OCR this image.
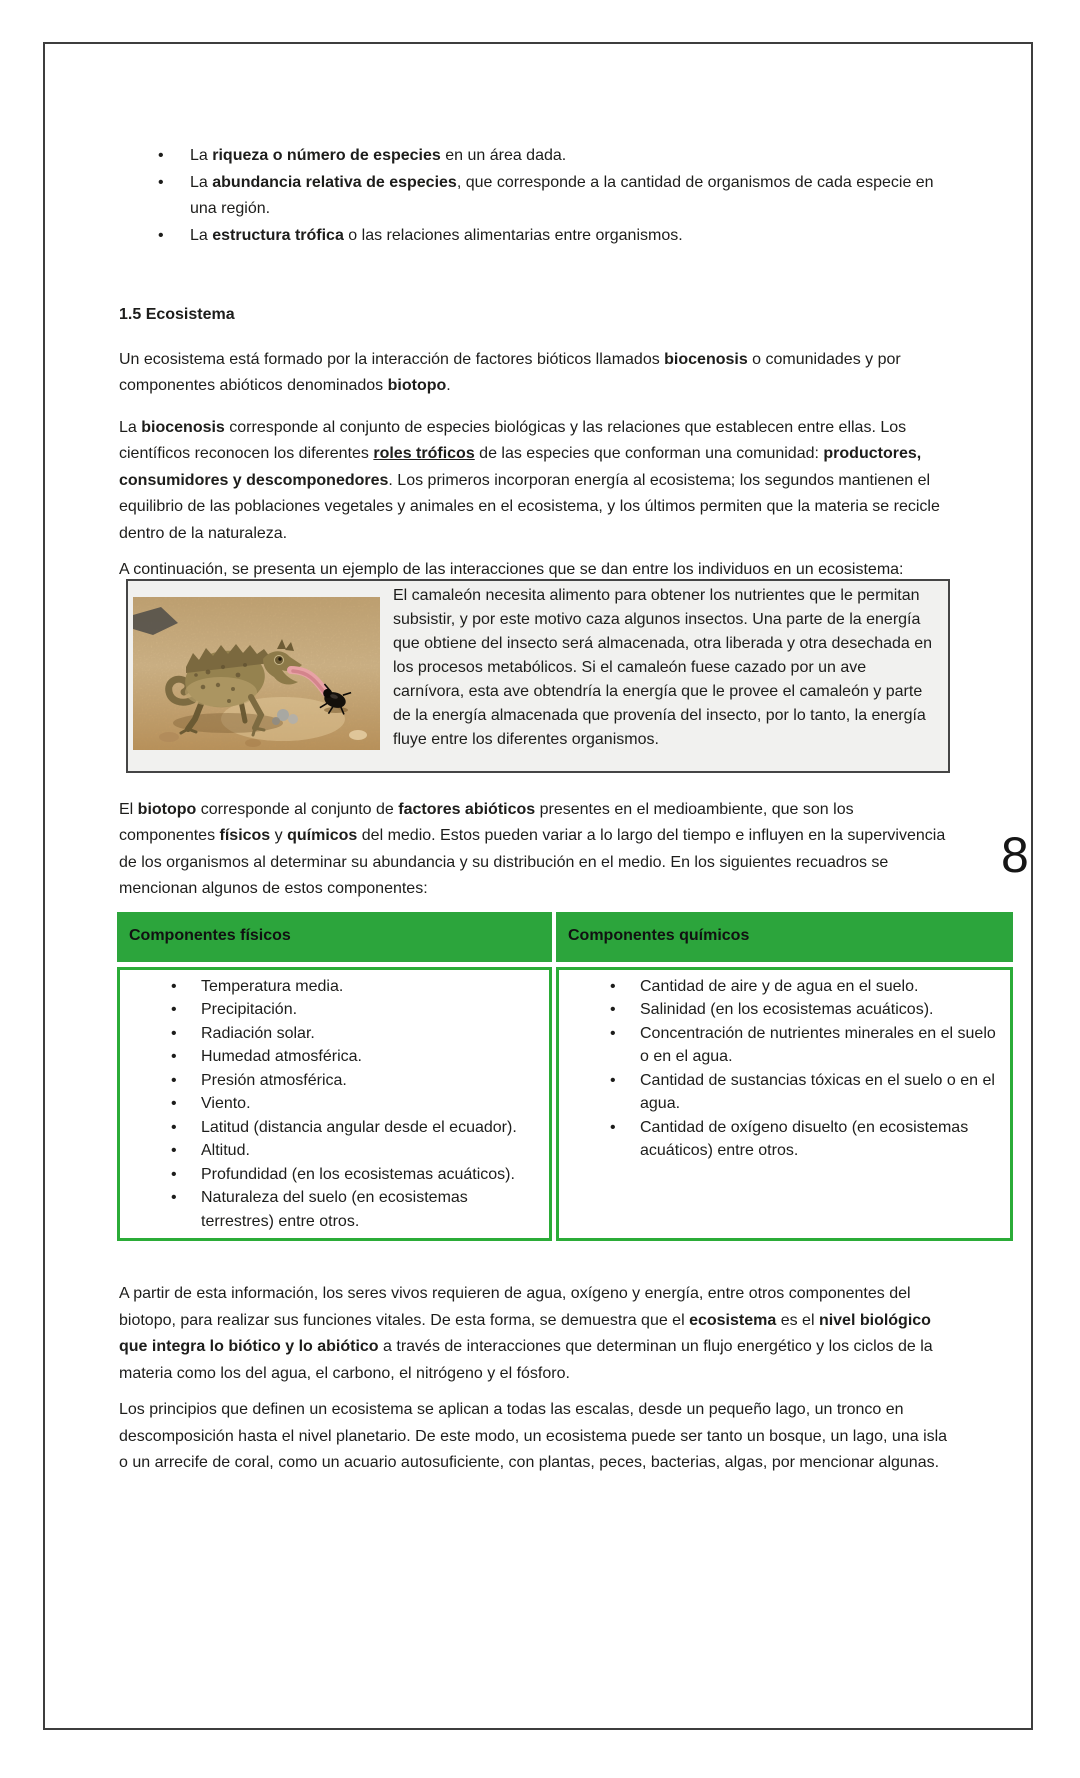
8
•	La riqueza o número de especies en un área dada.
•	La abundancia relativa de especies, que corresponde a la cantidad de organismos de cada especie en una región.
•	La estructura trófica o las relaciones alimentarias entre organismos.
1.5 Ecosistema

Un ecosistema está formado por la interacción de factores bióticos llamados biocenosis o comunidades y por componentes abióticos denominados biotopo.

La biocenosis corresponde al conjunto de especies biológicas y las relaciones que establecen entre ellas. Los científicos reconocen los diferentes roles tróficos de las especies que conforman una comunidad: productores, consumidores y descomponedores. Los primeros incorporan energía al ecosistema; los segundos mantienen el equilibrio de las poblaciones vegetales y animales en el ecosistema, y los últimos permiten que la materia se recicle dentro de la naturaleza.

A continuación, se presenta un ejemplo de las interacciones que se dan entre los individuos en un ecosistema:

El camaleón necesita alimento para obtener los nutrientes que le permitan subsistir, y por este motivo caza algunos insectos. Una parte de la energía que obtiene del insecto será almacenada, otra liberada y otra desechada en los procesos metabólicos. Si el camaleón fuese cazado por un ave carnívora, esta ave obtendría la energía que le provee el camaleón y parte de la energía almacenada que provenía del insecto, por lo tanto, la energía fluye entre los diferentes organismos.

El biotopo corresponde al conjunto de factores abióticos presentes en el medioambiente, que son los componentes físicos y químicos del medio. Estos pueden variar a lo largo del tiempo e influyen en la supervivencia de los organismos al determinar su abundancia y su distribución en el medio. En los siguientes recuadros se mencionan algunos de estos componentes:

Componentes físicos
•	Temperatura media.
•	Precipitación.
•	Radiación solar.
•	Humedad atmosférica.
•	Presión atmosférica.
•	Viento.
•	Latitud (distancia angular desde el ecuador).
•	Altitud.
•	Profundidad (en los ecosistemas acuáticos).
•	Naturaleza del suelo (en ecosistemas terrestres) entre otros.
Componentes químicos
•	Cantidad de aire y de agua en el suelo.
•	Salinidad (en los ecosistemas acuáticos).
•	Concentración de nutrientes minerales en el suelo o en el agua.
•	Cantidad de sustancias tóxicas en el suelo o en el agua.
•	Cantidad de oxígeno disuelto (en ecosistemas acuáticos) entre otros.

A partir de esta información, los seres vivos requieren de agua, oxígeno y energía, entre otros componentes del biotopo, para realizar sus funciones vitales. De esta forma, se demuestra que el ecosistema es el nivel biológico que integra lo biótico y lo abiótico a través de interacciones que determinan un flujo energético y los ciclos de la materia como los del agua, el carbono, el nitrógeno y el fósforo.

Los principios que definen un ecosistema se aplican a todas las escalas, desde un pequeño lago, un tronco en descomposición hasta el nivel planetario. De este modo, un ecosistema puede ser tanto un bosque, un lago, una isla o un arrecife de coral, como un acuario autosuficiente, con plantas, peces, bacterias, algas, por mencionar algunas.
